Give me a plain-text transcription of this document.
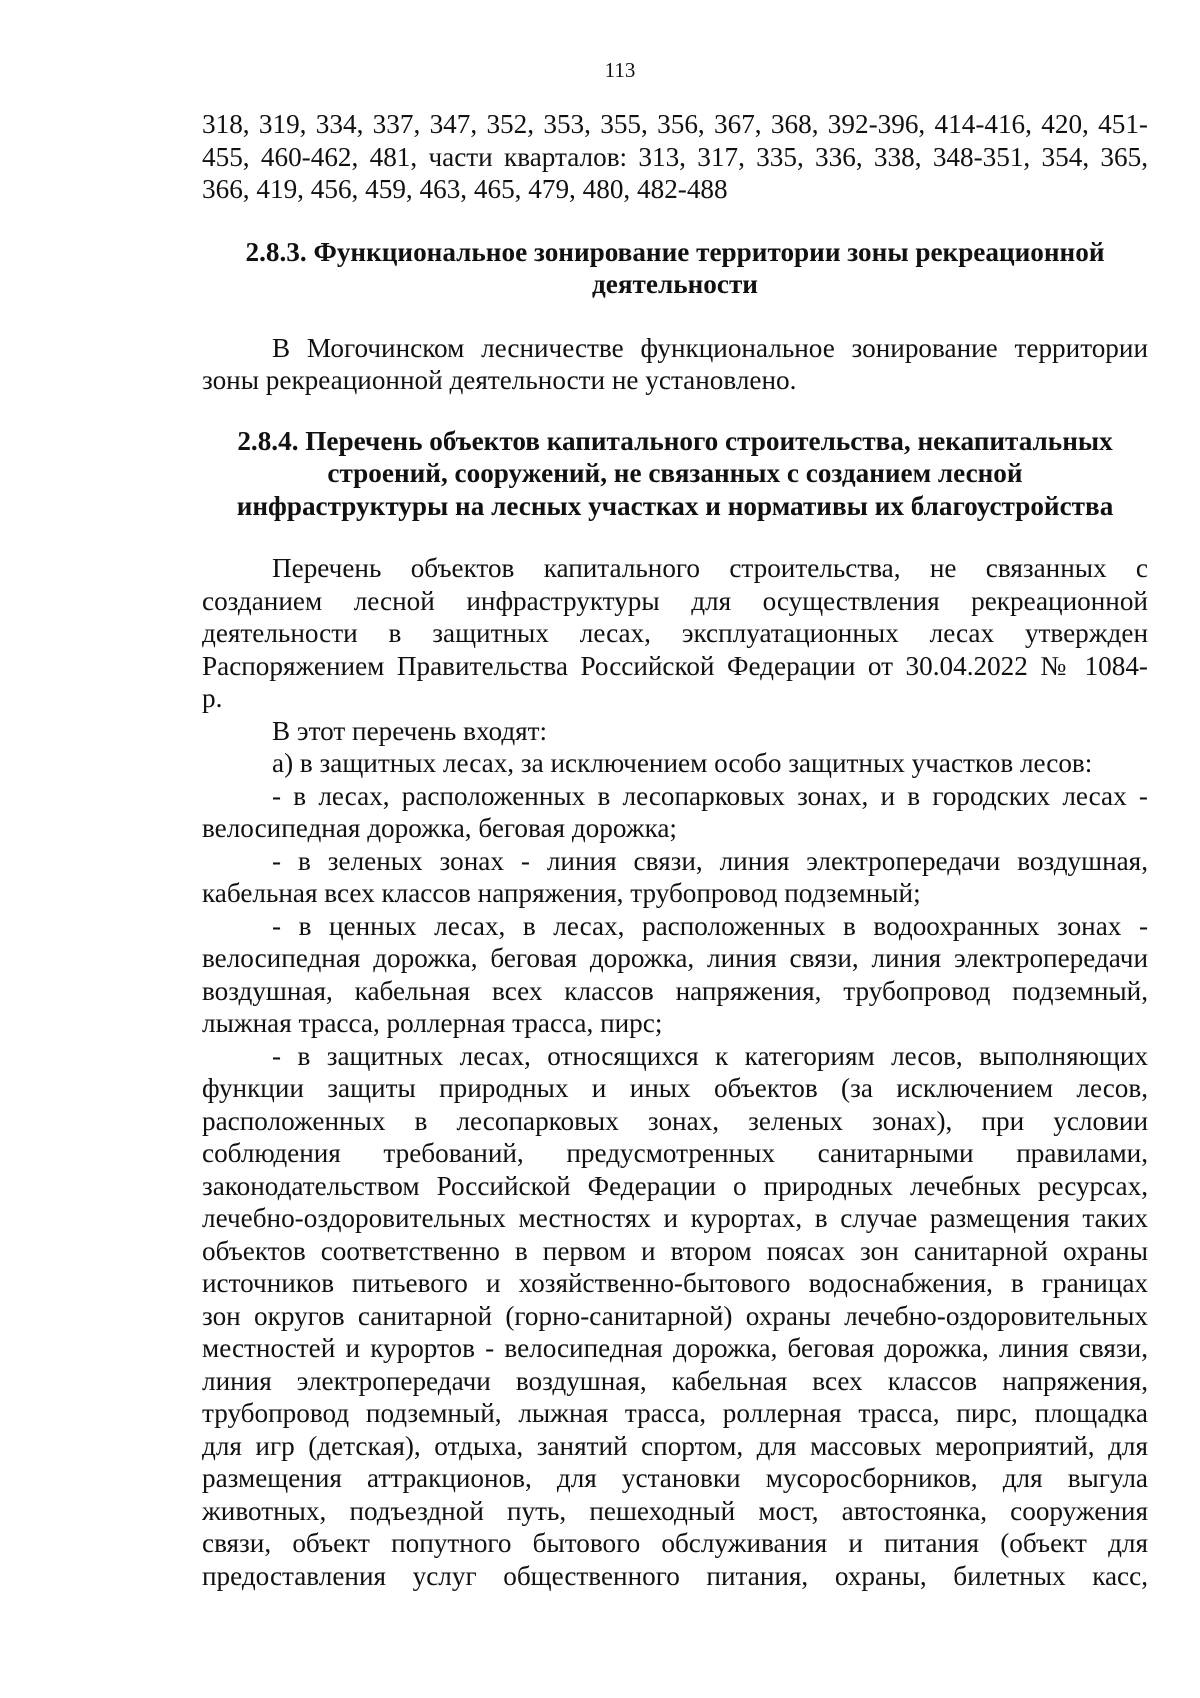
113
318, 319, 334, 337, 347, 352, 353, 355, 356, 367, 368, 392-396, 414-416, 420, 451-
455, 460-462, 481, части кварталов: 313, 317, 335, 336, 338, 348-351, 354, 365,
366, 419, 456, 459, 463, 465, 479, 480, 482-488
2.8.3. Функциональное зонирование территории зоны рекреационной
деятельности
В Могочинском лесничестве функциональное зонирование территории
зоны рекреационной деятельности не установлено.
2.8.4. Перечень объектов капитального строительства, некапитальных
строений, сооружений, не связанных с созданием лесной
инфраструктуры на лесных участках и нормативы их благоустройства
Перечень объектов капитального строительства, не связанных с
созданием лесной инфраструктуры для осуществления рекреационной
деятельности в защитных лесах, эксплуатационных лесах утвержден
Распоряжением Правительства Российской Федерации от 30.04.2022 № 1084-
р.
В этот перечень входят:
а) в защитных лесах, за исключением особо защитных участков лесов:
- в лесах, расположенных в лесопарковых зонах, и в городских лесах -
велосипедная дорожка, беговая дорожка;
- в зеленых зонах - линия связи, линия электропередачи воздушная,
кабельная всех классов напряжения, трубопровод подземный;
- в ценных лесах, в лесах, расположенных в водоохранных зонах -
велосипедная дорожка, беговая дорожка, линия связи, линия электропередачи
воздушная, кабельная всех классов напряжения, трубопровод подземный,
лыжная трасса, роллерная трасса, пирс;
- в защитных лесах, относящихся к категориям лесов, выполняющих
функции защиты природных и иных объектов (за исключением лесов,
расположенных в лесопарковых зонах, зеленых зонах), при условии
соблюдения требований, предусмотренных санитарными правилами,
законодательством Российской Федерации о природных лечебных ресурсах,
лечебно-оздоровительных местностях и курортах, в случае размещения таких
объектов соответственно в первом и втором поясах зон санитарной охраны
источников питьевого и хозяйственно-бытового водоснабжения, в границах
зон округов санитарной (горно-санитарной) охраны лечебно-оздоровительных
местностей и курортов - велосипедная дорожка, беговая дорожка, линия связи,
линия электропередачи воздушная, кабельная всех классов напряжения,
трубопровод подземный, лыжная трасса, роллерная трасса, пирс, площадка
для игр (детская), отдыха, занятий спортом, для массовых мероприятий, для
размещения аттракционов, для установки мусоросборников, для выгула
животных, подъездной путь, пешеходный мост, автостоянка, сооружения
связи, объект попутного бытового обслуживания и питания (объект для
предоставления услуг общественного питания, охраны, билетных касс,
